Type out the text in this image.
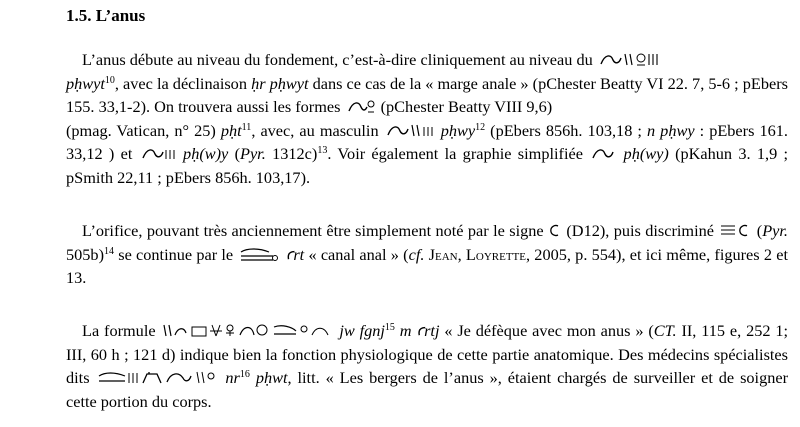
1.5. L’anus

L’anus débute au niveau du fondement, c’est-à-dire cliniquement au niveau du

pḥwyt$^{10}$, avec la déclinaison ḥr pḥwyt dans ce cas de la « marge anale » (pChester Beatty VI 22. 7, 5-6 ; pEbers 155. 33,1-2). On trouvera aussi les formes (pChester Beatty VIII 9,6)
(pmag. Vatican, n° 25) pḥt$^{11}$, avec, au masculin	pḥwy$^{12}$ (pEbers 856h. 103,18 ; n pḥwy : pEbers 161. 33,12 ) et	pḥ(w)y (Pyr. 1312c)$^{13}$. Voir également la graphie simplifiée pḥ(wy) (pKahun 3. 1,9 ; pSmith 22,11 ; pEbers 856h. 103,17).

L’orifice, pouvant très anciennement être simplement noté par le signe (D12), puis discriminé	(Pyr. 505b)$^{14}$ se continue par le	ꜥrt « canal anal » (cf. Jean, Loyrette, 2005, p. 554), et ici même, figures 2 et 13.

La formule	jw fgnj$^{15}$ m ꜥrtj « Je défèque avec mon anus » (CT. II, 115 e, 252 1; III, 60 h ; 121 d) indique bien la fonction physiologique de cette partie anatomique. Des médecins spécialistes dits	$nr^{16}$ pḥwt, litt. « Les bergers de l’anus », étaient chargés de surveiller et de soigner cette portion du corps.
